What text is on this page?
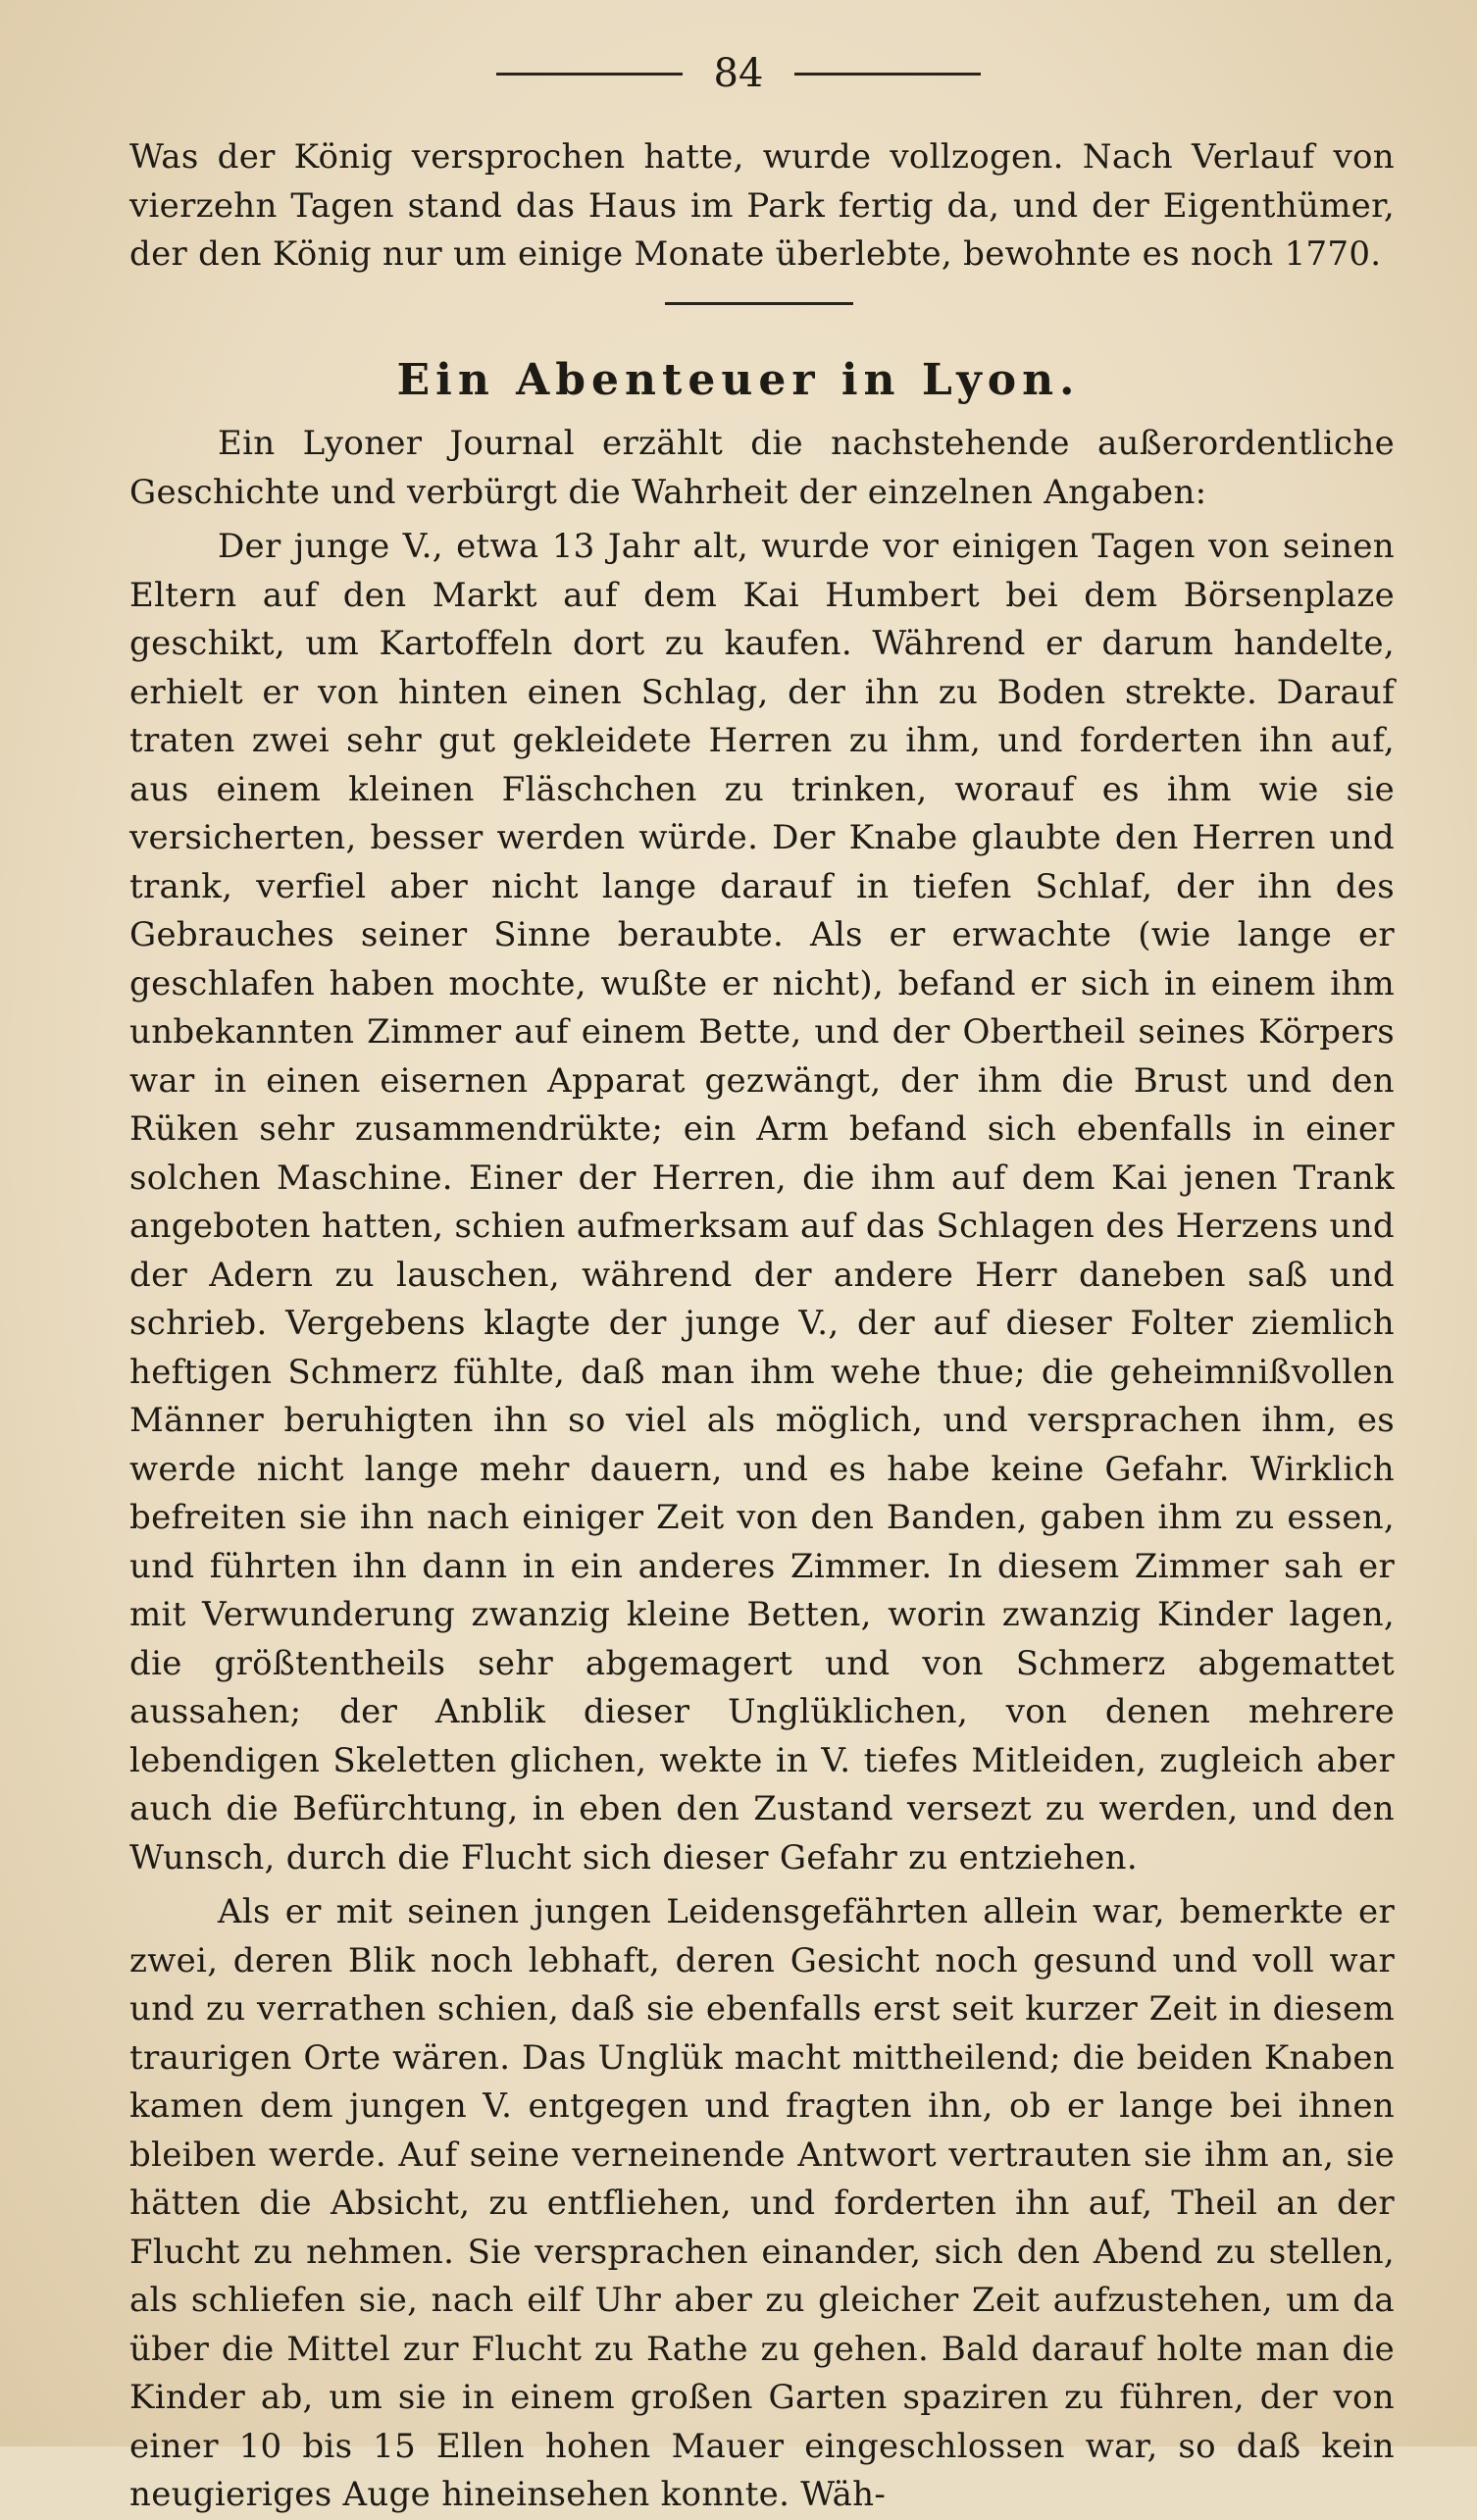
84
Was der König versprochen hatte, wurde vollzogen. Nach Verlauf von vierzehn Tagen stand das Haus im Park fertig da, und der Eigenthümer, der den König nur um einige Monate überlebte, bewohnte es noch 1770.
Ein Abenteuer in Lyon.

Ein Lyoner Journal erzählt die nachstehende außerordentliche Geschichte und verbürgt die Wahrheit der einzelnen Angaben:

Der junge V., etwa 13 Jahr alt, wurde vor einigen Tagen von seinen Eltern auf den Markt auf dem Kai Humbert bei dem Börsenplaze geschikt, um Kartoffeln dort zu kaufen. Während er darum handelte, erhielt er von hinten einen Schlag, der ihn zu Boden strekte. Darauf traten zwei sehr gut gekleidete Herren zu ihm, und forderten ihn auf, aus einem kleinen Fläschchen zu trinken, worauf es ihm wie sie versicherten, besser werden würde. Der Knabe glaubte den Herren und trank, verfiel aber nicht lange darauf in tiefen Schlaf, der ihn des Gebrauches seiner Sinne beraubte. Als er erwachte (wie lange er geschlafen haben mochte, wußte er nicht), befand er sich in einem ihm unbekannten Zimmer auf einem Bette, und der Obertheil seines Körpers war in einen eisernen Apparat gezwängt, der ihm die Brust und den Rüken sehr zusammendrükte; ein Arm befand sich ebenfalls in einer solchen Maschine. Einer der Herren, die ihm auf dem Kai jenen Trank angeboten hatten, schien aufmerksam auf das Schlagen des Herzens und der Adern zu lauschen, während der andere Herr daneben saß und schrieb. Vergebens klagte der junge V., der auf dieser Folter ziemlich heftigen Schmerz fühlte, daß man ihm wehe thue; die geheimnißvollen Männer beruhigten ihn so viel als möglich, und versprachen ihm, es werde nicht lange mehr dauern, und es habe keine Gefahr. Wirklich befreiten sie ihn nach einiger Zeit von den Banden, gaben ihm zu essen, und führten ihn dann in ein anderes Zimmer. In diesem Zimmer sah er mit Verwunderung zwanzig kleine Betten, worin zwanzig Kinder lagen, die größtentheils sehr abgemagert und von Schmerz abgemattet aussahen; der Anblik dieser Unglüklichen, von denen mehrere lebendigen Skeletten glichen, wekte in V. tiefes Mitleiden, zugleich aber auch die Befürchtung, in eben den Zustand versezt zu werden, und den Wunsch, durch die Flucht sich dieser Gefahr zu entziehen.

Als er mit seinen jungen Leidensgefährten allein war, bemerkte er zwei, deren Blik noch lebhaft, deren Gesicht noch gesund und voll war und zu verrathen schien, daß sie ebenfalls erst seit kurzer Zeit in diesem traurigen Orte wären. Das Unglük macht mittheilend; die beiden Knaben kamen dem jungen V. entgegen und fragten ihn, ob er lange bei ihnen bleiben werde. Auf seine verneinende Antwort vertrauten sie ihm an, sie hätten die Absicht, zu entfliehen, und forderten ihn auf, Theil an der Flucht zu nehmen. Sie versprachen einander, sich den Abend zu stellen, als schliefen sie, nach eilf Uhr aber zu gleicher Zeit aufzustehen, um da über die Mittel zur Flucht zu Rathe zu gehen. Bald darauf holte man die Kinder ab, um sie in einem großen Garten spaziren zu führen, der von einer 10 bis 15 Ellen hohen Mauer eingeschlossen war, so daß kein neugieriges Auge hineinsehen konnte. Wäh-
